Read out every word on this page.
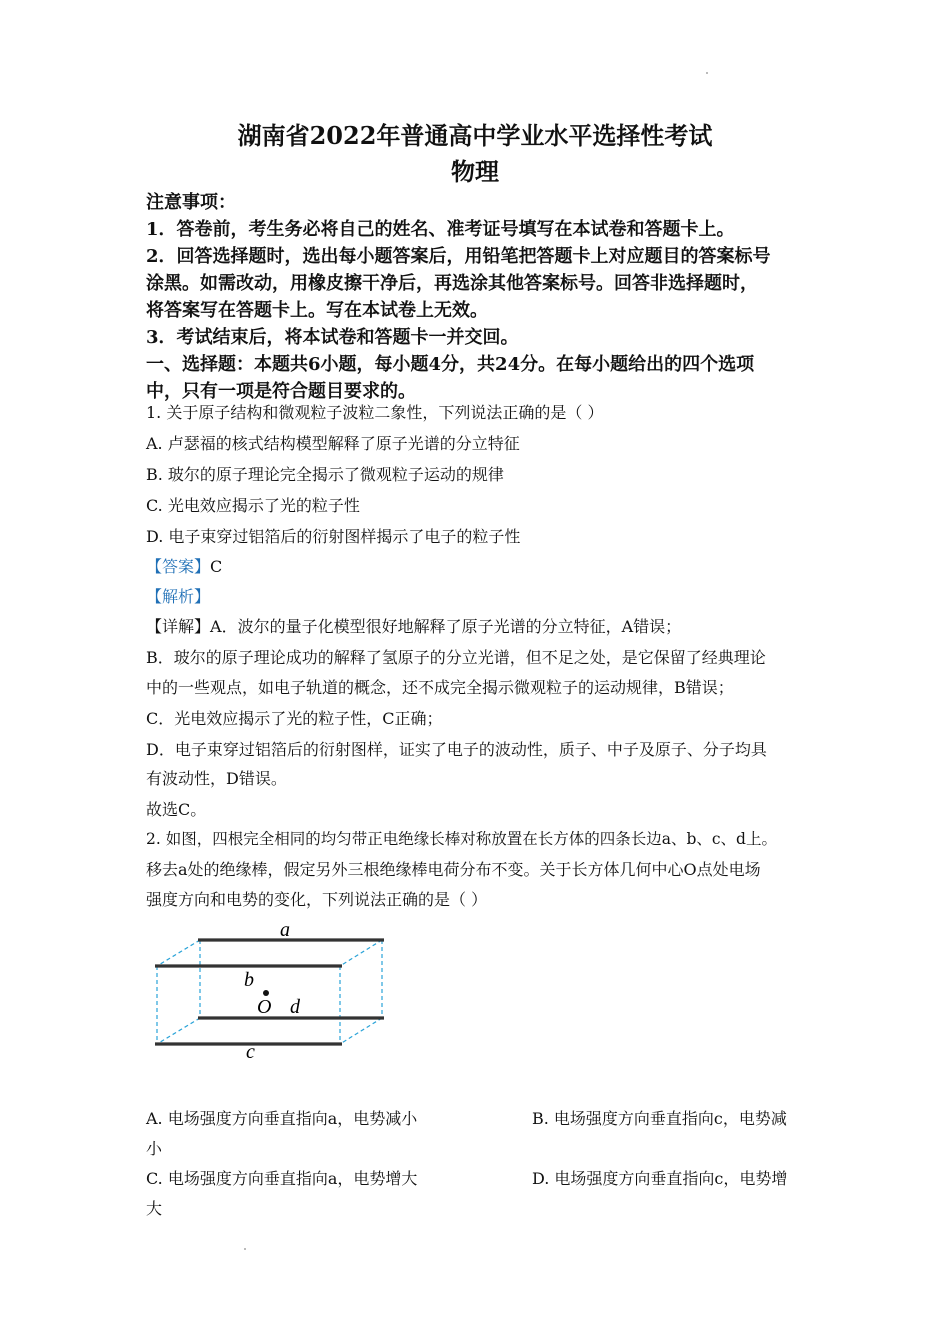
湖南省2022年普通高中学业水平选择性考试
物理
注意事项：
1．答卷前，考生务必将自己的姓名、准考证号填写在本试卷和答题卡上。
2．回答选择题时，选出每小题答案后，用铅笔把答题卡上对应题目的答案标号
涂黑。如需改动，用橡皮擦干净后，再选涂其他答案标号。回答非选择题时，
将答案写在答题卡上。写在本试卷上无效。
3．考试结束后，将本试卷和答题卡一并交回。
一、选择题：本题共6小题，每小题4分，共24分。在每小题给出的四个选项
中，只有一项是符合题目要求的。
1. 关于原子结构和微观粒子波粒二象性，下列说法正确的是（ ）
A. 卢瑟福的核式结构模型解释了原子光谱的分立特征
B. 玻尔的原子理论完全揭示了微观粒子运动的规律
C. 光电效应揭示了光的粒子性
D. 电子束穿过铝箔后的衍射图样揭示了电子的粒子性
【答案】C
【解析】
【详解】A．波尔的量子化模型很好地解释了原子光谱的分立特征，A错误；
B．玻尔的原子理论成功的解释了氢原子的分立光谱，但不足之处，是它保留了经典理论
中的一些观点，如电子轨道的概念，还不成完全揭示微观粒子的运动规律，B错误；
C．光电效应揭示了光的粒子性，C正确；
D．电子束穿过铝箔后的衍射图样，证实了电子的波动性，质子、中子及原子、分子均具
有波动性，D错误。
故选C。
2. 如图，四根完全相同的均匀带正电绝缘长棒对称放置在长方体的四条长边a、b、c、d上。
移去a处的绝缘棒，假定另外三根绝缘棒电荷分布不变。关于长方体几何中心O点处电场
强度方向和电势的变化，下列说法正确的是（ ）
a
b
O d
c
A. 电场强度方向垂直指向a，电势减小
小
B. 电场强度方向垂直指向c，电势减
C. 电场强度方向垂直指向a，电势增大
大
D. 电场强度方向垂直指向c，电势增
